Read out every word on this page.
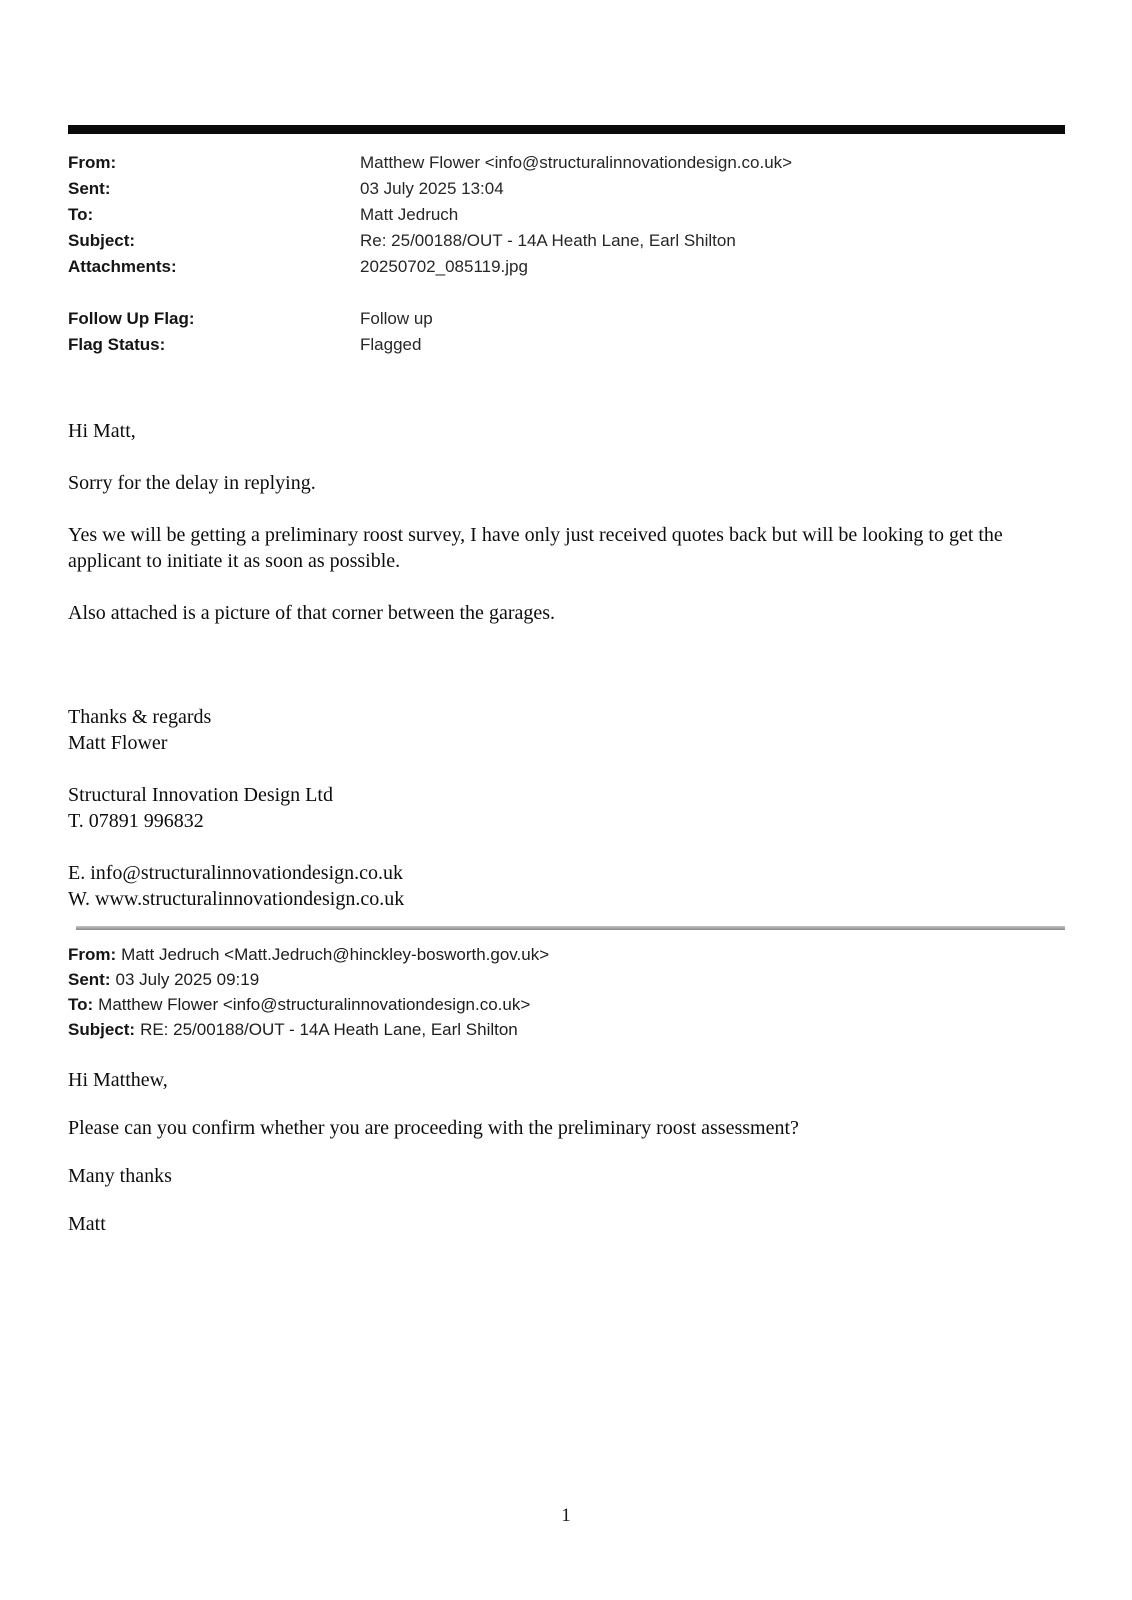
From:	Matthew Flower <info@structuralinnovationdesign.co.uk>
Sent:	03 July 2025 13:04
To:	Matt Jedruch
Subject:	Re: 25/00188/OUT - 14A Heath Lane, Earl Shilton
Attachments:	20250702_085119.jpg
Follow Up Flag:	Follow up
Flag Status:	Flagged

Hi Matt,

Sorry for the delay in replying.

Yes we will be getting a preliminary roost survey, I have only just received quotes back but will be looking to get the applicant to initiate it as soon as possible.

Also attached is a picture of that corner between the garages.

Thanks & regards
Matt Flower
Structural Innovation Design Ltd
T. 07891 996832
E. info@structuralinnovationdesign.co.uk
W. www.structuralinnovationdesign.co.uk
From: Matt Jedruch <Matt.Jedruch@hinckley-bosworth.gov.uk>
Sent: 03 July 2025 09:19
To: Matthew Flower <info@structuralinnovationdesign.co.uk>
Subject: RE: 25/00188/OUT - 14A Heath Lane, Earl Shilton

Hi Matthew,

Please can you confirm whether you are proceeding with the preliminary roost assessment?

Many thanks

Matt

1
